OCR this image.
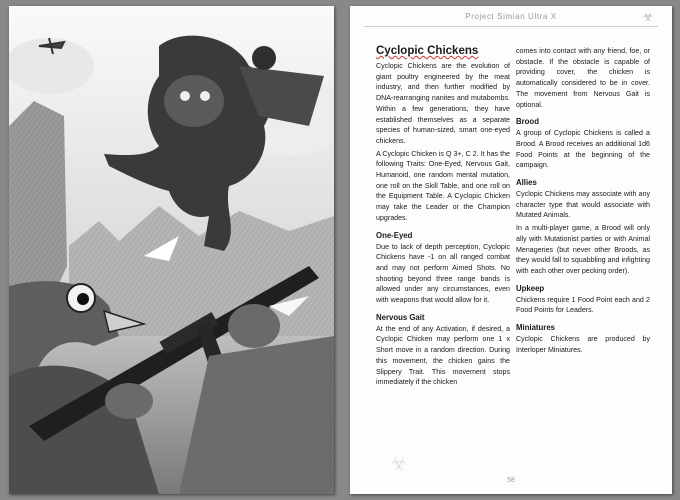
Project Simian Ultra X	☣
Cyclopic Chickens

Cyclopic Chickens are the evolution of giant poultry engineered by the meat industry, and then further modified by DNA-rearranging nanites and mutabombs. Within a few generations, they have established themselves as a separate species of human-sized, smart one-eyed chickens.

A Cyclopic Chicken is Q 3+, C 2. It has the following Traits: One-Eyed, Nervous Gait, Humanoid, one random mental mutation, one roll on the Skill Table, and one roll on the Equipment Table. A Cyclopic Chicken may take the Leader or the Champion upgrades.

One-Eyed

Due to lack of depth perception, Cyclopic Chickens have -1 on all ranged combat and may not perform Aimed Shots. No shooting beyond three range bands is allowed under any circumstances, even with weapons that would allow for it.

Nervous Gait

At the end of any Activation, if desired, a Cyclopic Chicken may perform one 1 x Short move in a random direction. During this movement, the chicken gains the Slippery Trait. This movement stops immediately if the chicken

comes into contact with any friend, foe, or obstacle. If the obstacle is capable of providing cover, the chicken is automatically considered to be in cover. The movement from Nervous Gait is optional.

Brood

A group of Cyclopic Chickens is called a Brood. A Brood receives an additional 1d6 Food Points at the beginning of the campaign.

Allies

Cyclopic Chickens may associate with any character type that would associate with Mutated Animals.

In a multi-player game, a Brood will only ally with Mutationist parties or with Animal Menageries (but never other Broods, as they would fall to squabbling and infighting with each other over pecking order).

Upkeep

Chickens require 1 Food Point each and 2 Food Points for Leaders.

Miniatures

Cyclopic Chickens are produced by Interloper Miniatures.

☣
58
